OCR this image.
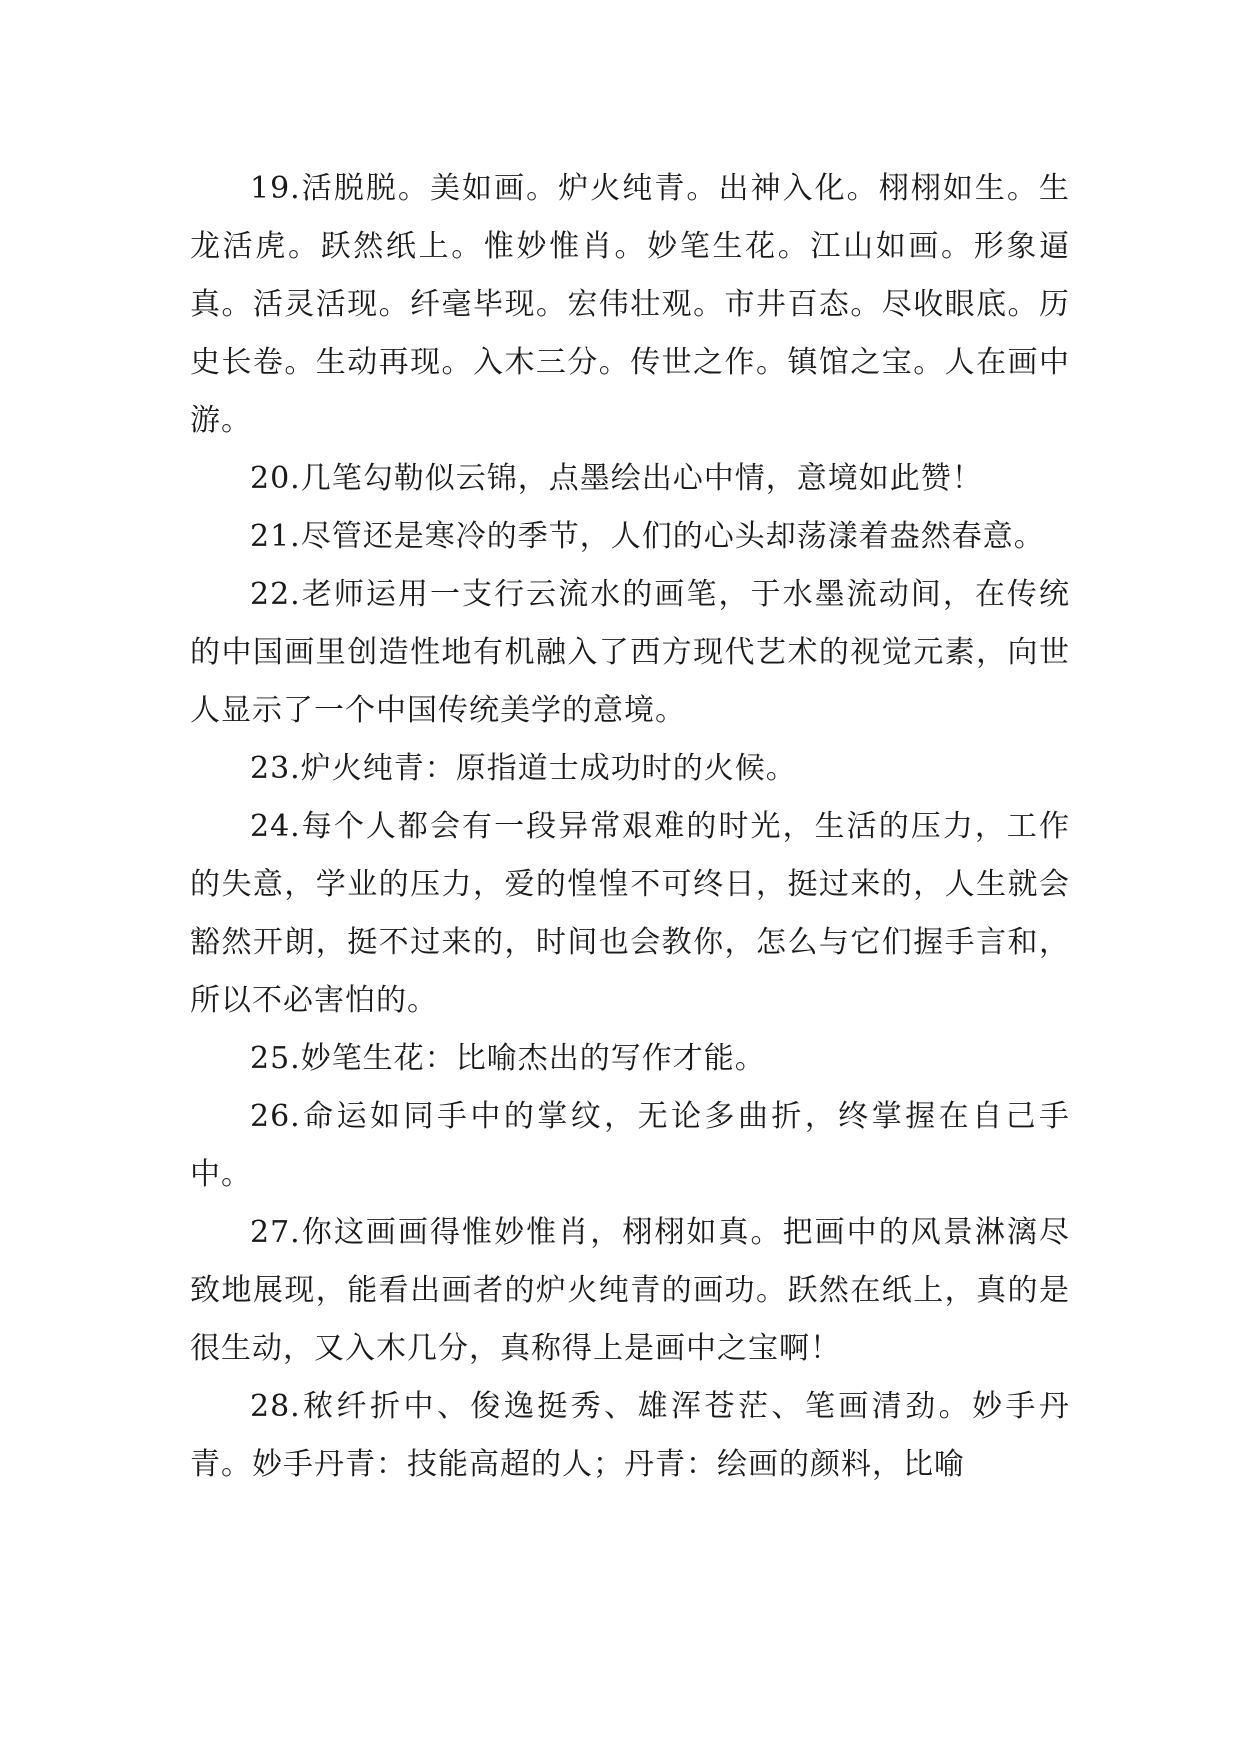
19.活脱脱。美如画。炉火纯青。出神入化。栩栩如生。生龙活虎。跃然纸上。惟妙惟肖。妙笔生花。江山如画。形象逼真。活灵活现。纤毫毕现。宏伟壮观。市井百态。尽收眼底。历史长卷。生动再现。入木三分。传世之作。镇馆之宝。人在画中游。

20.几笔勾勒似云锦，点墨绘出心中情，意境如此赞！

21.尽管还是寒冷的季节，人们的心头却荡漾着盎然春意。

22.老师运用一支行云流水的画笔，于水墨流动间，在传统的中国画里创造性地有机融入了西方现代艺术的视觉元素，向世人显示了一个中国传统美学的意境。

23.炉火纯青：原指道士成功时的火候。

24.每个人都会有一段异常艰难的时光，生活的压力，工作的失意，学业的压力，爱的惶惶不可终日，挺过来的，人生就会豁然开朗，挺不过来的，时间也会教你，怎么与它们握手言和，所以不必害怕的。

25.妙笔生花：比喻杰出的写作才能。

26.命运如同手中的掌纹，无论多曲折，终掌握在自己手中。

27.你这画画得惟妙惟肖，栩栩如真。把画中的风景淋漓尽致地展现，能看出画者的炉火纯青的画功。跃然在纸上，真的是很生动，又入木几分，真称得上是画中之宝啊！

28.秾纤折中、俊逸挺秀、雄浑苍茫、笔画清劲。妙手丹青。妙手丹青：技能高超的人；丹青：绘画的颜料，比喻
